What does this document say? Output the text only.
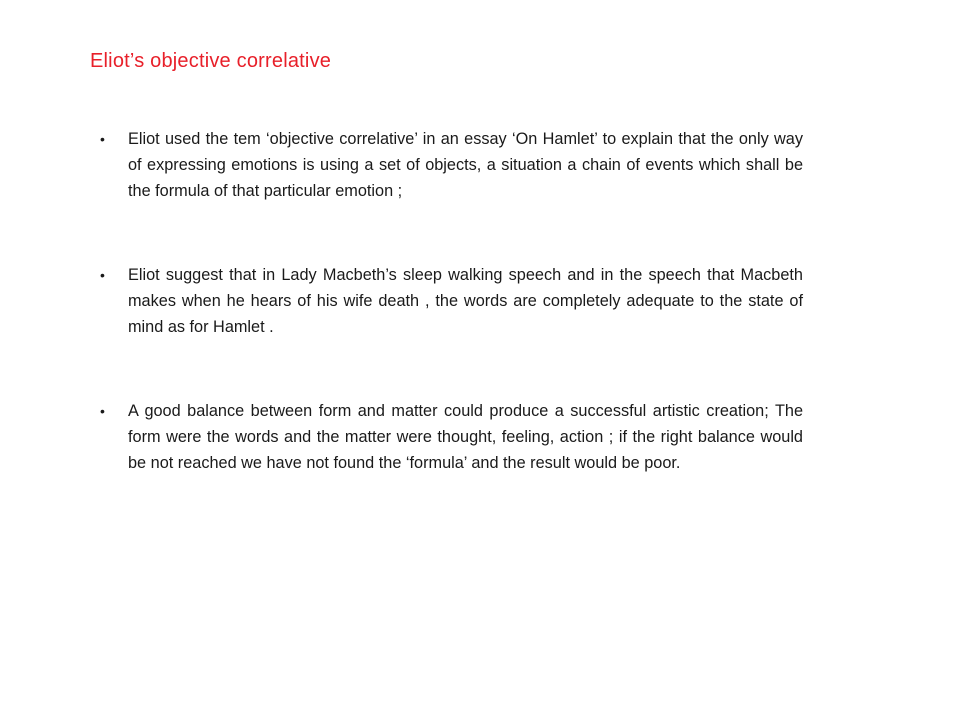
Eliot’s objective correlative
• Eliot used the tem ‘objective correlative’ in an essay ‘On Hamlet’ to explain that the only way of expressing emotions is using a set of objects, a situation a chain of events which shall be the formula of that particular emotion ;
• Eliot suggest that in Lady Macbeth’s sleep walking speech and in the speech that Macbeth makes when he hears of his wife death , the words are completely adequate to the state of mind as for Hamlet .
• A good balance between form and matter could produce a successful artistic creation; The form were the words and the matter were thought, feeling, action ; if the right balance would be not reached we have not found the ‘formula’ and the result would be poor.
